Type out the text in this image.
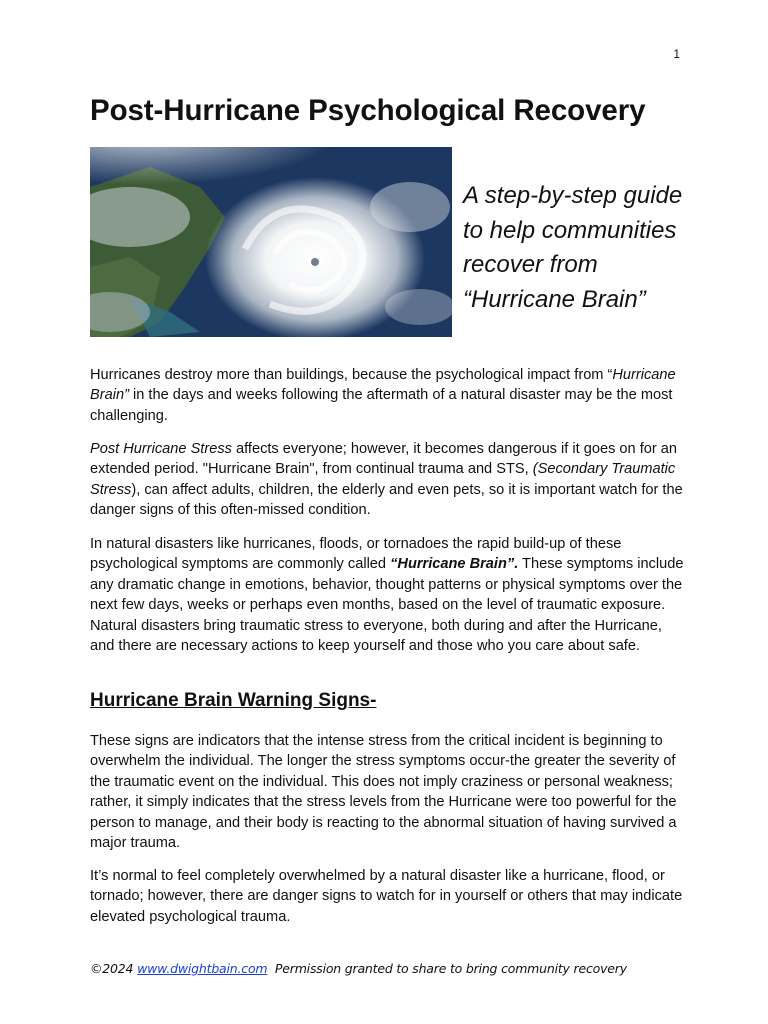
1
Post-Hurricane Psychological Recovery
A step-by-step guide to help communities recover from “Hurricane Brain”

Hurricanes destroy more than buildings, because the psychological impact from “Hurricane Brain” in the days and weeks following the aftermath of a natural disaster may be the most challenging.

Post Hurricane Stress affects everyone; however, it becomes dangerous if it goes on for an extended period. "Hurricane Brain", from continual trauma and STS, (Secondary Traumatic Stress), can affect adults, children, the elderly and even pets, so it is important watch for the danger signs of this often-missed condition.

In natural disasters like hurricanes, floods, or tornadoes the rapid build-up of these psychological symptoms are commonly called “Hurricane Brain”. These symptoms include any dramatic change in emotions, behavior, thought patterns or physical symptoms over the next few days, weeks or perhaps even months, based on the level of traumatic exposure. Natural disasters bring traumatic stress to everyone, both during and after the Hurricane, and there are necessary actions to keep yourself and those who you care about safe.

Hurricane Brain Warning Signs-

These signs are indicators that the intense stress from the critical incident is beginning to overwhelm the individual. The longer the stress symptoms occur-the greater the severity of the traumatic event on the individual. This does not imply craziness or personal weakness; rather, it simply indicates that the stress levels from the Hurricane were too powerful for the person to manage, and their body is reacting to the abnormal situation of having survived a major trauma.

It’s normal to feel completely overwhelmed by a natural disaster like a hurricane, flood, or tornado; however, there are danger signs to watch for in yourself or others that may indicate elevated psychological trauma.

©2024 www.dwightbain.com  Permission granted to share to bring community recovery
